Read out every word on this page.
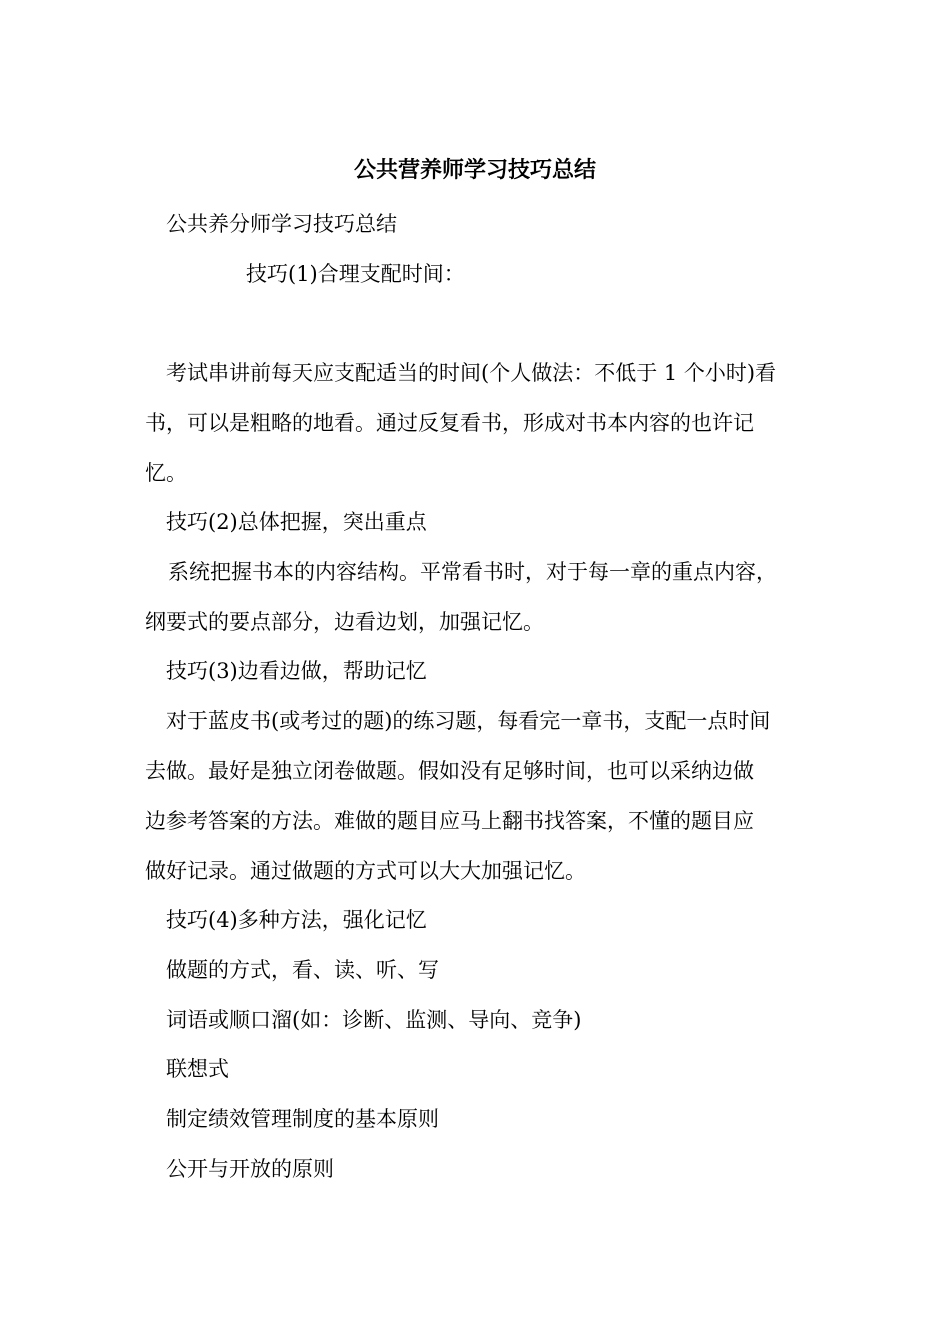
公共营养师学习技巧总结
公共养分师学习技巧总结
技巧(1)合理支配时间：
考试串讲前每天应支配适当的时间(个人做法：不低于 1 个小时)看
书，可以是粗略的地看。通过反复看书，形成对书本内容的也许记
忆。
技巧(2)总体把握，突出重点
系统把握书本的内容结构。平常看书时，对于每一章的重点内容，
纲要式的要点部分，边看边划，加强记忆。
技巧(3)边看边做，帮助记忆
对于蓝皮书(或考过的题)的练习题，每看完一章书，支配一点时间
去做。最好是独立闭卷做题。假如没有足够时间，也可以采纳边做
边参考答案的方法。难做的题目应马上翻书找答案，不懂的题目应
做好记录。通过做题的方式可以大大加强记忆。
技巧(4)多种方法，强化记忆
做题的方式，看、读、听、写
词语或顺口溜(如：诊断、监测、导向、竞争)
联想式
制定绩效管理制度的基本原则
公开与开放的原则
